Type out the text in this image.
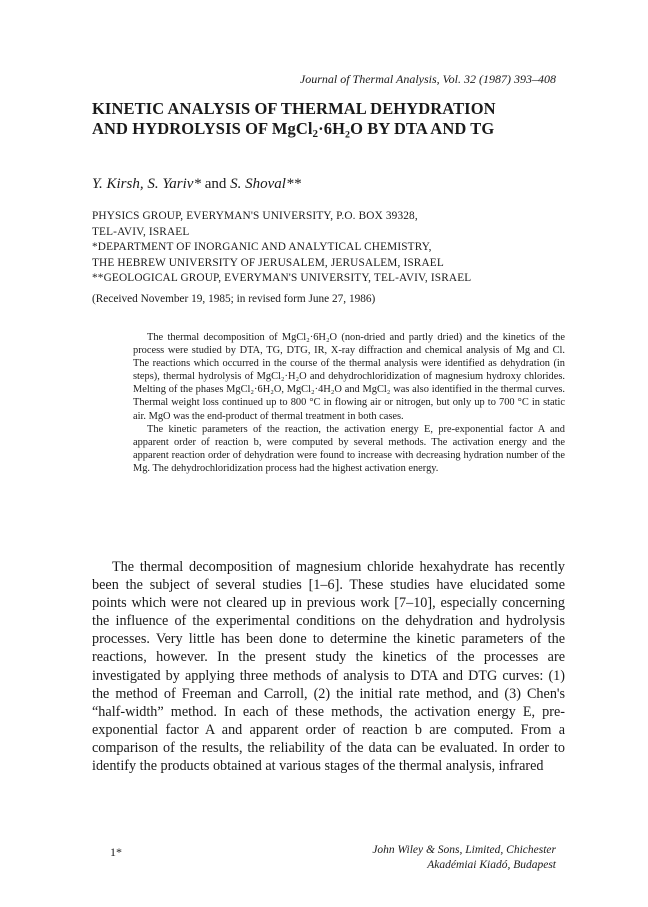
Journal of Thermal Analysis, Vol. 32 (1987) 393–408
KINETIC ANALYSIS OF THERMAL DEHYDRATION
AND HYDROLYSIS OF MgCl$_2$·6H₂O BY DTA AND TG
Y. Kirsh, S. Yariv* and S. Shoval**
PHYSICS GROUP, EVERYMAN'S UNIVERSITY, P.O. BOX 39328,
TEL-AVIV, ISRAEL
*DEPARTMENT OF INORGANIC AND ANALYTICAL CHEMISTRY,
THE HEBREW UNIVERSITY OF JERUSALEM, JERUSALEM, ISRAEL
**GEOLOGICAL GROUP, EVERYMAN'S UNIVERSITY, TEL-AVIV, ISRAEL
(Received November 19, 1985; in revised form June 27, 1986)

The thermal decomposition of MgCl₂·6H₂O (non-dried and partly dried) and the kinetics of the process were studied by DTA, TG, DTG, IR, X-ray diffraction and chemical analysis of Mg and Cl. The reactions which occurred in the course of the thermal analysis were identified as dehydration (in steps), thermal hydrolysis of MgCl₂·H₂O and dehydrochloridization of magnesium hydroxy chlorides. Melting of the phases MgCl₂·6H₂O, MgCl₂·4H₂O and MgCl₂ was also identified in the thermal curves. Thermal weight loss continued up to 800 °C in flowing air or nitrogen, but only up to 700 °C in static air. MgO was the end-product of thermal treatment in both cases.

The kinetic parameters of the reaction, the activation energy E, pre-exponential factor A and apparent order of reaction b, were computed by several methods. The activation energy and the apparent reaction order of dehydration were found to increase with decreasing hydration number of the Mg. The dehydrochloridization process had the highest activation energy.

The thermal decomposition of magnesium chloride hexahydrate has recently been the subject of several studies [1–6]. These studies have elucidated some points which were not cleared up in previous work [7–10], especially concerning the influence of the experimental conditions on the dehydration and hydrolysis processes. Very little has been done to determine the kinetic parameters of the reactions, however. In the present study the kinetics of the processes are investigated by applying three methods of analysis to DTA and DTG curves: (1) the method of Freeman and Carroll, (2) the initial rate method, and (3) Chen's “half-width” method. In each of these methods, the activation energy E, pre-exponential factor A and apparent order of reaction b are computed. From a comparison of the results, the reliability of the data can be evaluated. In order to identify the products obtained at various stages of the thermal analysis, infrared

1*	John Wiley & Sons, Limited, Chichester
Akadémiai Kiadó, Budapest
